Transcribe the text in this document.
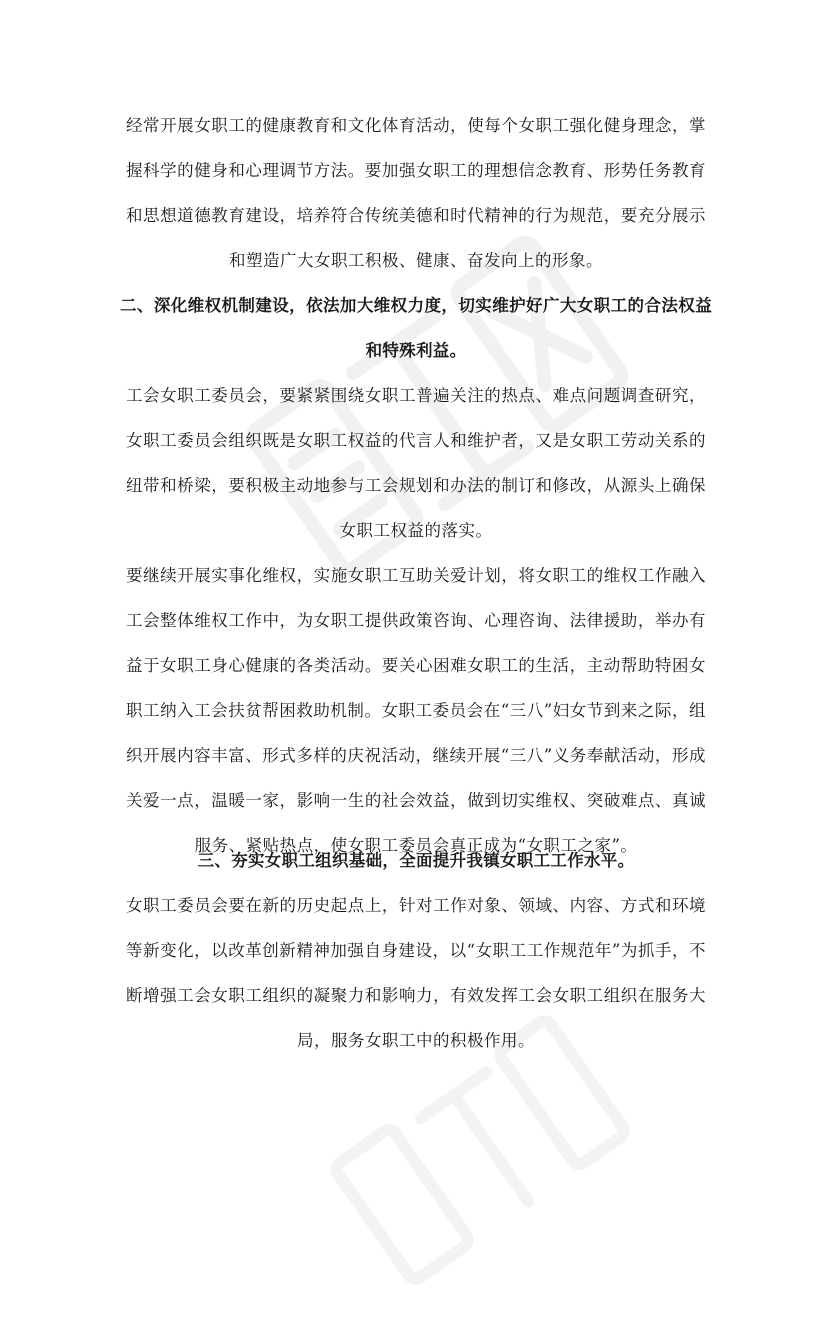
经常开展女职工的健康教育和文化体育活动，使每个女职工强化健身理念，掌握科学的健身和心理调节方法。要加强女职工的理想信念教育、形势任务教育和思想道德教育建设，培养符合传统美德和时代精神的行为规范，要充分展示和塑造广大女职工积极、健康、奋发向上的形象。

二、深化维权机制建设，依法加大维权力度，切实维护好广大女职工的合法权益和特殊利益。

工会女职工委员会，要紧紧围绕女职工普遍关注的热点、难点问题调查研究，女职工委员会组织既是女职工权益的代言人和维护者，又是女职工劳动关系的纽带和桥梁，要积极主动地参与工会规划和办法的制订和修改，从源头上确保女职工权益的落实。

要继续开展实事化维权，实施女职工互助关爱计划，将女职工的维权工作融入工会整体维权工作中，为女职工提供政策咨询、心理咨询、法律援助，举办有益于女职工身心健康的各类活动。要关心困难女职工的生活，主动帮助特困女职工纳入工会扶贫帮困救助机制。女职工委员会在“三八”妇女节到来之际，组织开展内容丰富、形式多样的庆祝活动，继续开展“三八”义务奉献活动，形成关爱一点，温暖一家，影响一生的社会效益，做到切实维权、突破难点、真诚服务、紧贴热点，使女职工委员会真正成为“女职工之家”。

三、夯实女职工组织基础，全面提升我镇女职工工作水平。

女职工委员会要在新的历史起点上，针对工作对象、领域、内容、方式和环境等新变化，以改革创新精神加强自身建设，以“女职工工作规范年”为抓手，不断增强工会女职工组织的凝聚力和影响力，有效发挥工会女职工组织在服务大局，服务女职工中的积极作用。
